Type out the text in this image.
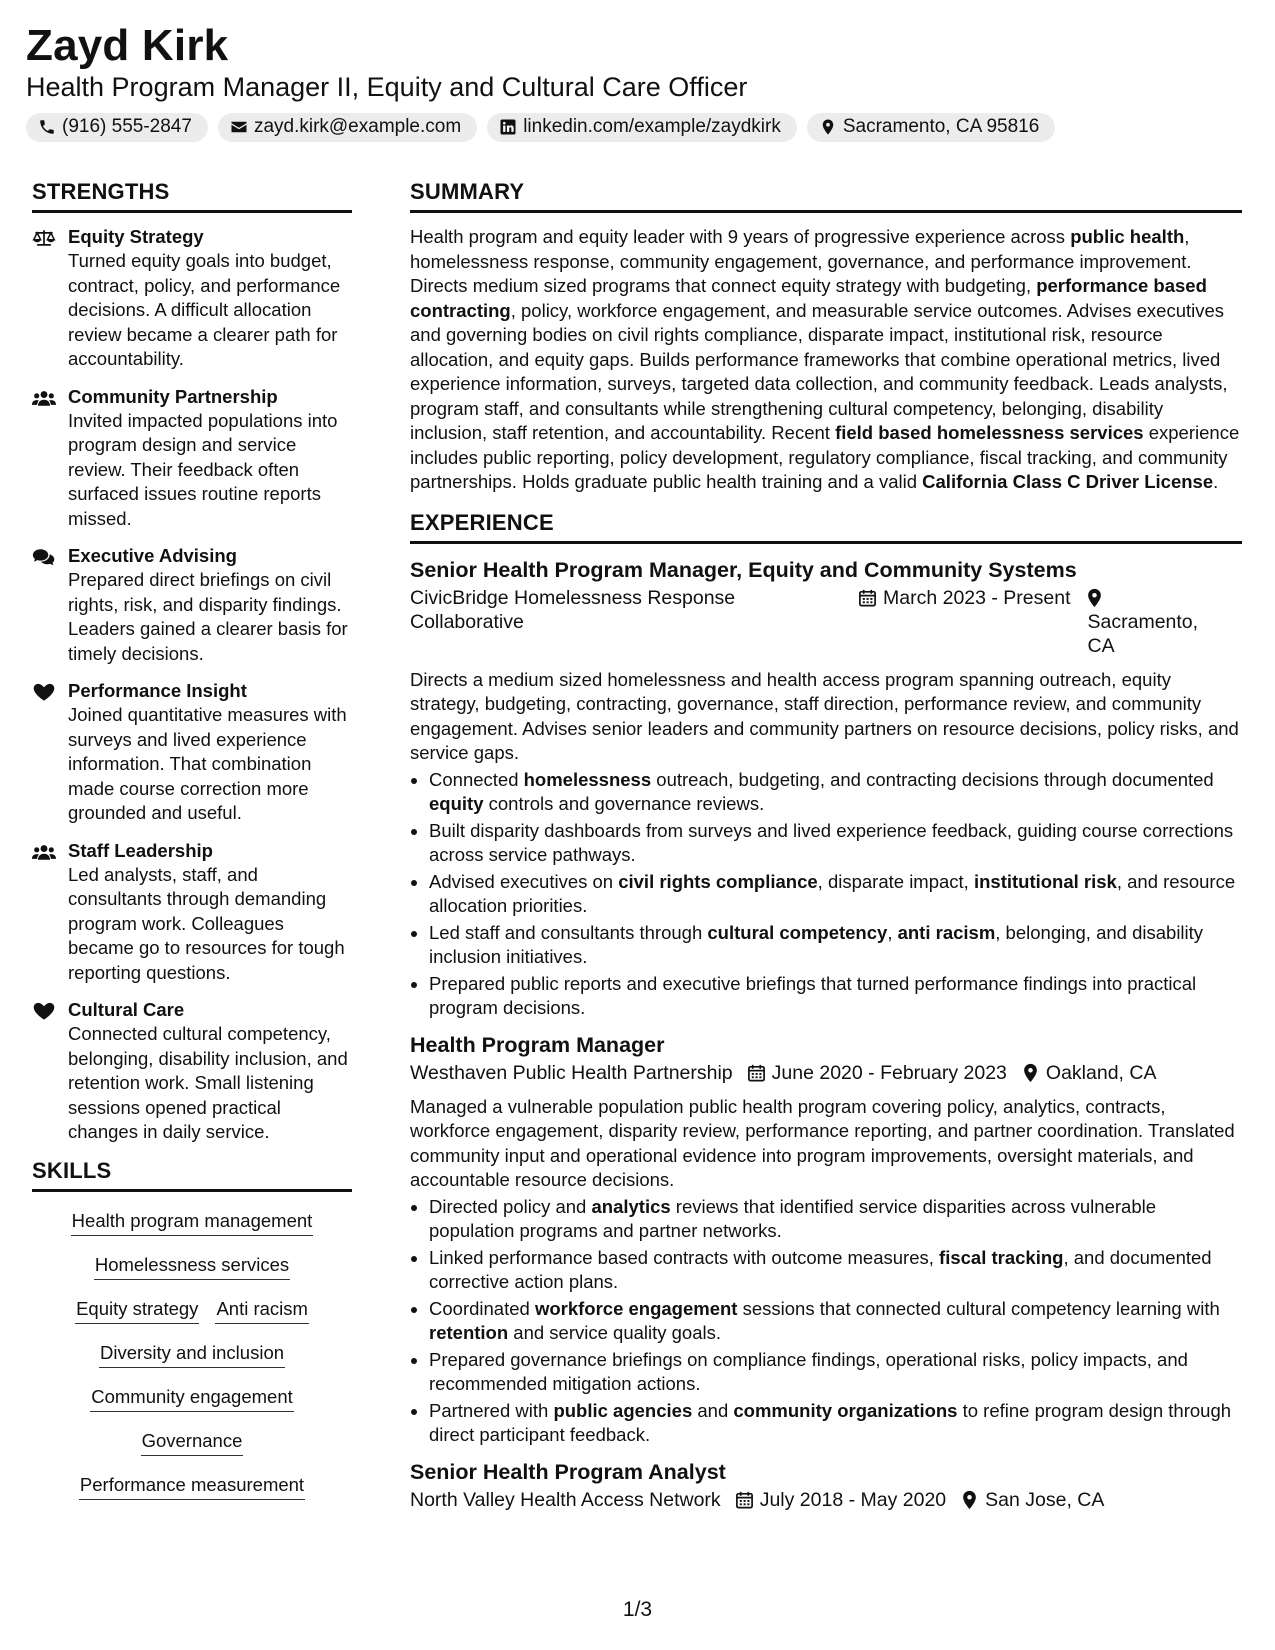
Zayd Kirk
Health Program Manager II, Equity and Cultural Care Officer
(916) 555-2847	zayd.kirk@example.com	linkedin.com/example/zaydkirk	Sacramento, CA 95816
STRENGTHS
Equity Strategy
Turned equity goals into budget, contract, policy, and performance decisions. A difficult allocation review became a clearer path for accountability.
Community Partnership
Invited impacted populations into program design and service review. Their feedback often surfaced issues routine reports missed.
Executive Advising
Prepared direct briefings on civil rights, risk, and disparity findings. Leaders gained a clearer basis for timely decisions.
Performance Insight
Joined quantitative measures with surveys and lived experience information. That combination made course correction more grounded and useful.
Staff Leadership
Led analysts, staff, and consultants through demanding program work. Colleagues became go to resources for tough reporting questions.
Cultural Care
Connected cultural competency, belonging, disability inclusion, and retention work. Small listening sessions opened practical changes in daily service.
SKILLS
Health program management
Homelessness services
Equity strategy Anti racism
Diversity and inclusion
Community engagement
Governance
Performance measurement
SUMMARY
Health program and equity leader with 9 years of progressive experience across public health, homelessness response, community engagement, governance, and performance improvement. Directs medium sized programs that connect equity strategy with budgeting, performance based contracting, policy, workforce engagement, and measurable service outcomes. Advises executives and governing bodies on civil rights compliance, disparate impact, institutional risk, resource allocation, and equity gaps. Builds performance frameworks that combine operational metrics, lived experience information, surveys, targeted data collection, and community feedback. Leads analysts, program staff, and consultants while strengthening cultural competency, belonging, disability inclusion, staff retention, and accountability. Recent field based homelessness services experience includes public reporting, policy development, regulatory compliance, fiscal tracking, and community partnerships. Holds graduate public health training and a valid California Class C Driver License.
EXPERIENCE
Senior Health Program Manager, Equity and Community Systems
CivicBridge Homelessness Response Collaborative
March 2023 - Present
Sacramento, CA
Directs a medium sized homelessness and health access program spanning outreach, equity strategy, budgeting, contracting, governance, staff direction, performance review, and community engagement. Advises senior leaders and community partners on resource decisions, policy risks, and service gaps.
• Connected homelessness outreach, budgeting, and contracting decisions through documented equity controls and governance reviews.
• Built disparity dashboards from surveys and lived experience feedback, guiding course corrections across service pathways.
• Advised executives on civil rights compliance, disparate impact, institutional risk, and resource allocation priorities.
• Led staff and consultants through cultural competency, anti racism, belonging, and disability inclusion initiatives.
• Prepared public reports and executive briefings that turned performance findings into practical program decisions.
Health Program Manager
Westhaven Public Health Partnership June 2020 - February 2023 Oakland, CA
Managed a vulnerable population public health program covering policy, analytics, contracts, workforce engagement, disparity review, performance reporting, and partner coordination. Translated community input and operational evidence into program improvements, oversight materials, and accountable resource decisions.
• Directed policy and analytics reviews that identified service disparities across vulnerable population programs and partner networks.
• Linked performance based contracts with outcome measures, fiscal tracking, and documented corrective action plans.
• Coordinated workforce engagement sessions that connected cultural competency learning with retention and service quality goals.
• Prepared governance briefings on compliance findings, operational risks, policy impacts, and recommended mitigation actions.
• Partnered with public agencies and community organizations to refine program design through direct participant feedback.
Senior Health Program Analyst
North Valley Health Access Network July 2018 - May 2020 San Jose, CA
1/3
